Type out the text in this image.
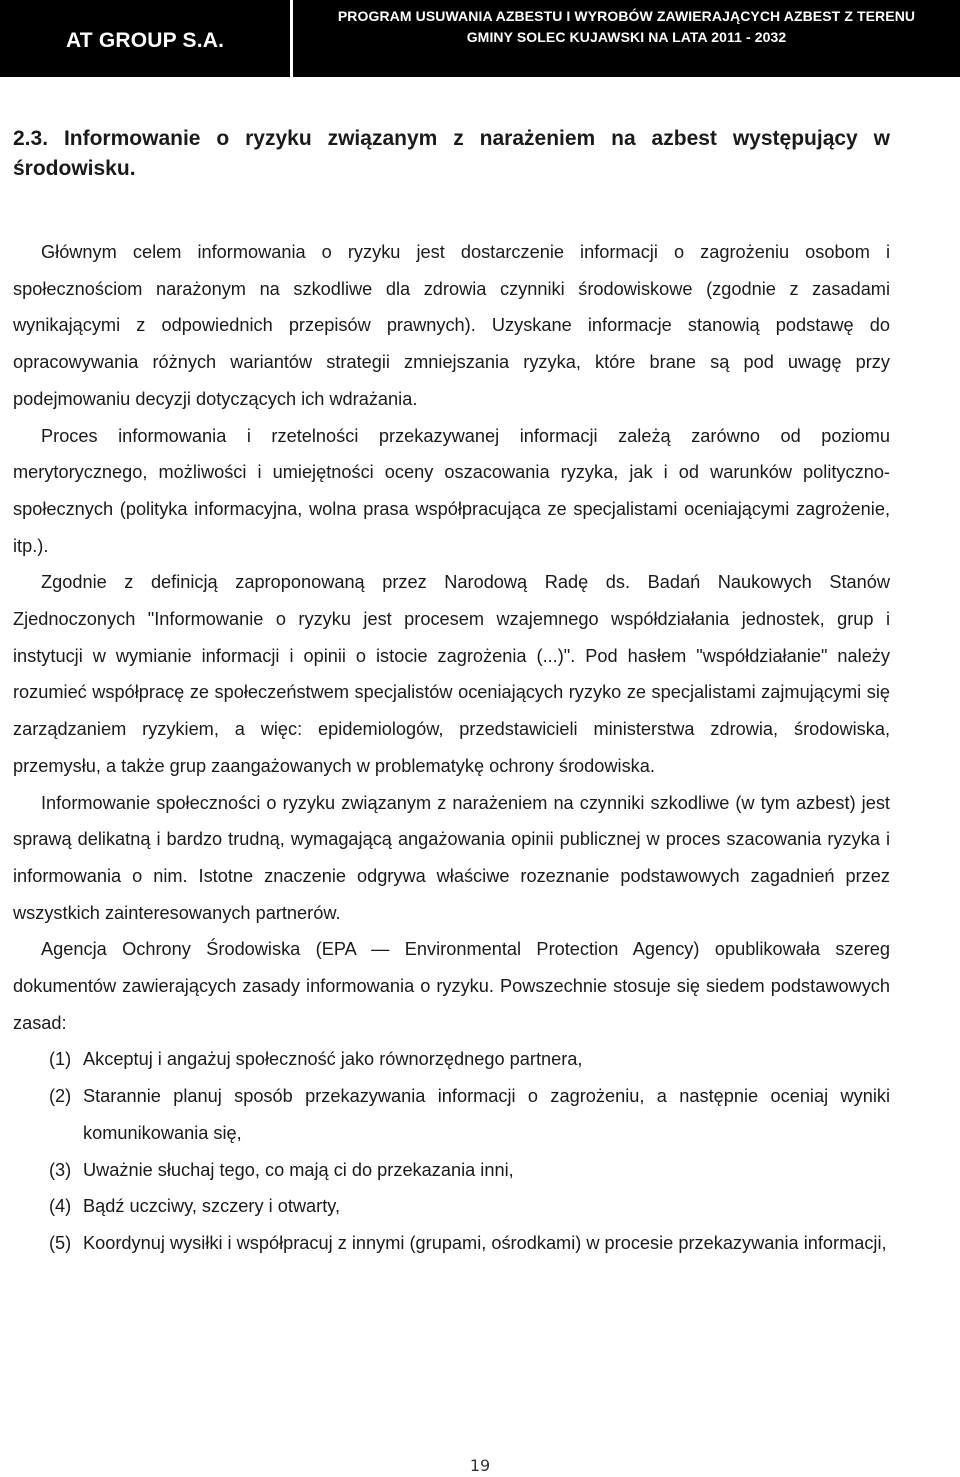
AT GROUP S.A.
PROGRAM USUWANIA AZBESTU I WYROBÓW ZAWIERAJĄCYCH AZBEST Z TERENU
GMINY SOLEC KUJAWSKI NA LATA 2011 - 2032
2.3. Informowanie o ryzyku związanym z narażeniem na azbest występujący w środowisku.

Głównym celem informowania o ryzyku jest dostarczenie informacji o zagrożeniu osobom i społecznościom narażonym na szkodliwe dla zdrowia czynniki środowiskowe (zgodnie z zasadami wynikającymi z odpowiednich przepisów prawnych). Uzyskane informacje stanowią podstawę do opracowywania różnych wariantów strategii zmniejszania ryzyka, które brane są pod uwagę przy podejmowaniu decyzji dotyczących ich wdrażania.

Proces informowania i rzetelności przekazywanej informacji zależą zarówno od poziomu merytorycznego, możliwości i umiejętności oceny oszacowania ryzyka, jak i od warunków polityczno-społecznych (polityka informacyjna, wolna prasa współpracująca ze specjalistami oceniającymi zagrożenie, itp.).

Zgodnie z definicją zaproponowaną przez Narodową Radę ds. Badań Naukowych Stanów Zjednoczonych "Informowanie o ryzyku jest procesem wzajemnego współdziałania jednostek, grup i instytucji w wymianie informacji i opinii o istocie zagrożenia (...)". Pod hasłem "współdziałanie" należy rozumieć współpracę ze społeczeństwem specjalistów oceniających ryzyko ze specjalistami zajmującymi się zarządzaniem ryzykiem, a więc: epidemiologów, przedstawicieli ministerstwa zdrowia, środowiska, przemysłu, a także grup zaangażowanych w problematykę ochrony środowiska.

Informowanie społeczności o ryzyku związanym z narażeniem na czynniki szkodliwe (w tym azbest) jest sprawą delikatną i bardzo trudną, wymagającą angażowania opinii publicznej w proces szacowania ryzyka i informowania o nim. Istotne znaczenie odgrywa właściwe rozeznanie podstawowych zagadnień przez wszystkich zainteresowanych partnerów.

Agencja Ochrony Środowiska (EPA — Environmental Protection Agency) opublikowała szereg dokumentów zawierających zasady informowania o ryzyku. Powszechnie stosuje się siedem podstawowych zasad:

(1) Akceptuj i angażuj społeczność jako równorzędnego partnera,
(2) Starannie planuj sposób przekazywania informacji o zagrożeniu, a następnie oceniaj wyniki komunikowania się,
(3) Uważnie słuchaj tego, co mają ci do przekazania inni,
(4) Bądź uczciwy, szczery i otwarty,
(5) Koordynuj wysiłki i współpracuj z innymi (grupami, ośrodkami) w procesie przekazywania informacji,
19
